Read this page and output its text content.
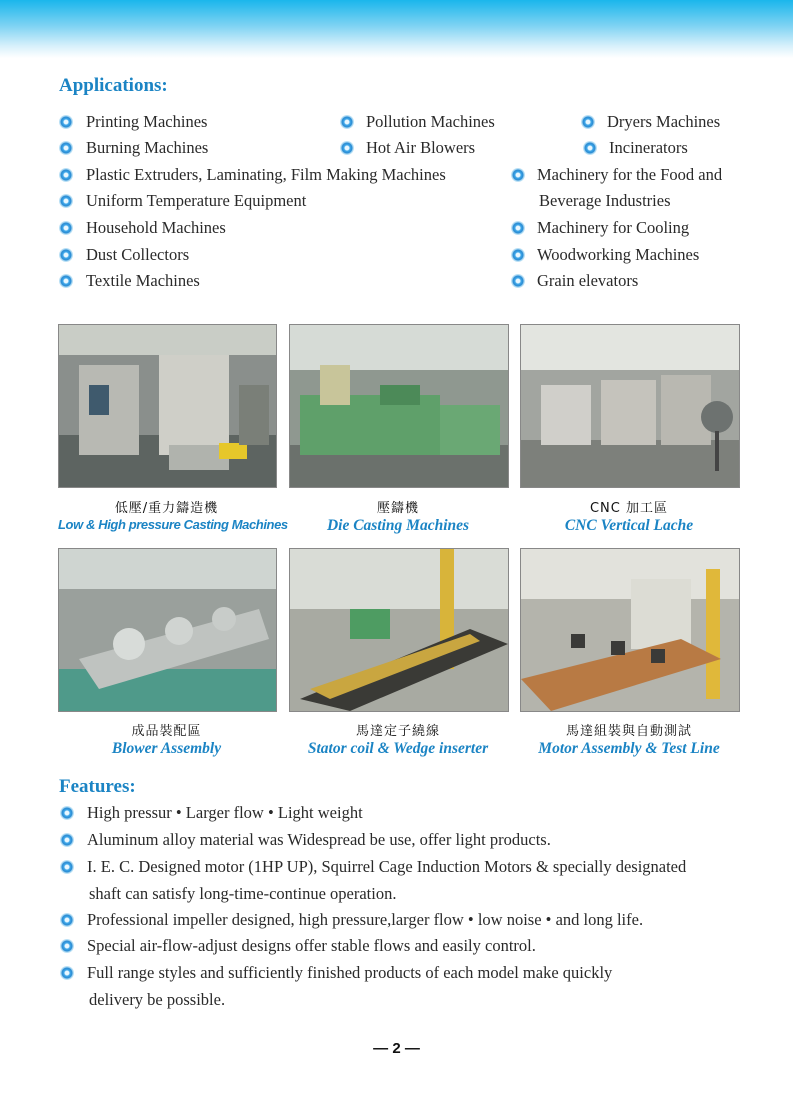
Applications:
Printing Machines	Pollution Machines	Dryers Machines
Burning Machines	Hot Air Blowers	Incinerators
Plastic Extruders, Laminating, Film Making Machines	Machinery for the Food and
Beverage Industries
Uniform Temperature Equipment
Household Machines	Machinery for Cooling
Dust Collectors	Woodworking Machines
Textile Machines	Grain elevators
低壓/重力鑄造機
Low & High pressure Casting Machines
壓鑄機
Die Casting Machines
CNC 加工區
CNC Vertical Lache
成品裝配區
Blower Assembly
馬達定子繞線
Stator coil & Wedge inserter
馬達組裝與自動測試
Motor Assembly & Test Line
Features:
High pressur • Larger flow • Light weight
Aluminum alloy material was Widespread be use, offer light products.
I. E. C. Designed motor (1HP UP), Squirrel Cage Induction Motors & specially designated
shaft can satisfy long-time-continue operation.
Professional impeller designed, high pressure,larger flow • low noise • and long life.
Special air-flow-adjust designs offer stable flows and easily control.
Full range styles and sufficiently finished products of each model make quickly
delivery be possible.
— 2 —
